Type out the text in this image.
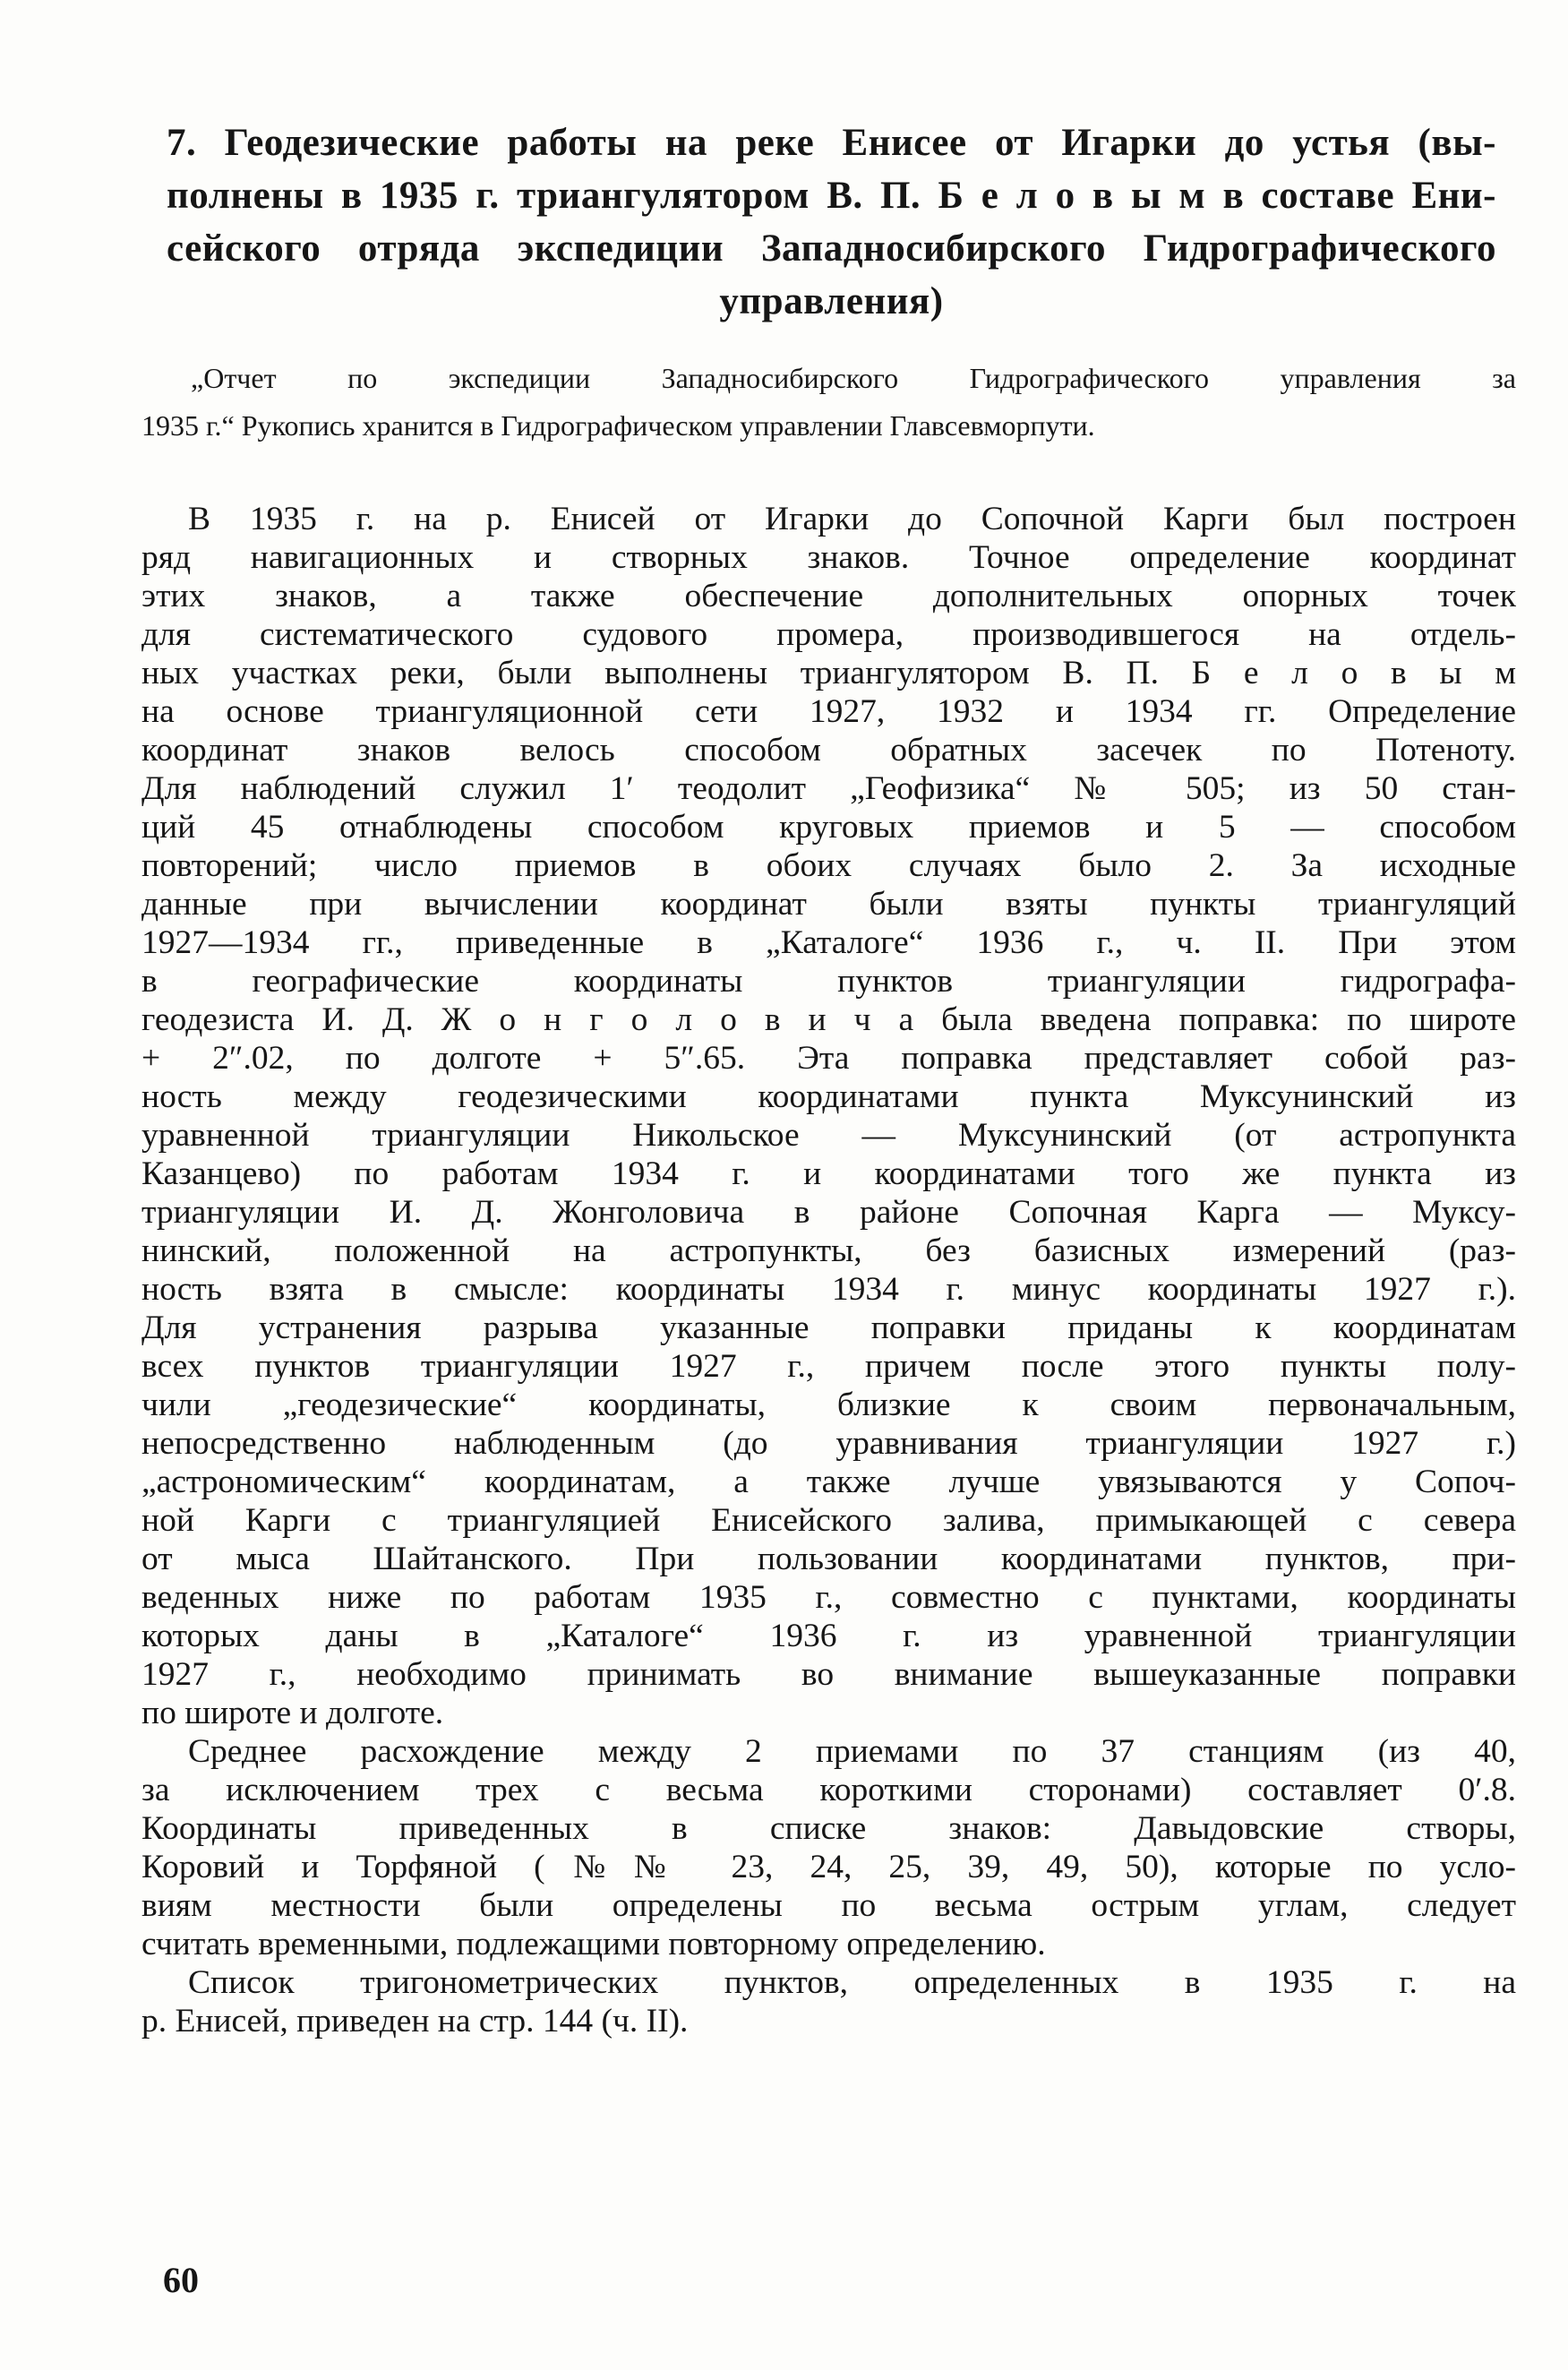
7. Геодезические работы на реке Енисее от Игарки до устья (вы-
полнены в 1935 г. триангулятором В. П. Б е л о в ы м в составе Ени-
сейского отряда экспедиции Западносибирского Гидрографического
управления)
„Отчет по экспедиции Западносибирского Гидрографического управления за
1935 г.“ Рукопись хранится в Гидрографическом управлении Главсевморпути.
В 1935 г. на р. Енисей от Игарки до Сопочной Карги был построен
ряд навигационных и створных знаков. Точное определение координат
этих знаков, а также обеспечение дополнительных опорных точек
для систематического судового промера, производившегося на отдель-
ных участках реки, были выполнены триангулятором В. П. Б е л о в ы м
на основе триангуляционной сети 1927, 1932 и 1934 гг. Определение
координат знаков велось способом обратных засечек по Потеноту.
Для наблюдений служил 1′ теодолит „Геофизика“ № 505; из 50 стан-
ций 45 отнаблюдены способом круговых приемов и 5 — способом
повторений; число приемов в обоих случаях было 2. За исходные
данные при вычислении координат были взяты пункты триангуляций
1927—1934 гг., приведенные в „Каталоге“ 1936 г., ч. II. При этом
в географические координаты пунктов триангуляции гидрографа-
геодезиста И. Д. Ж о н г о л о в и ч а была введена поправка: по широте
+ 2″.02, по долготе + 5″.65. Эта поправка представляет собой раз-
ность между геодезическими координатами пункта Муксунинский из
уравненной триангуляции Никольское — Муксунинский (от астропункта
Казанцево) по работам 1934 г. и координатами того же пункта из
триангуляции И. Д. Жонголовича в районе Сопочная Карга — Муксу-
нинский, положенной на астропункты, без базисных измерений (раз-
ность взята в смысле: координаты 1934 г. минус координаты 1927 г.).
Для устранения разрыва указанные поправки приданы к координатам
всех пунктов триангуляции 1927 г., причем после этого пункты полу-
чили „геодезические“ координаты, близкие к своим первоначальным,
непосредственно наблюденным (до уравнивания триангуляции 1927 г.)
„астрономическим“ координатам, а также лучше увязываются у Сопоч-
ной Карги с триангуляцией Енисейского залива, примыкающей с севера
от мыса Шайтанского. При пользовании координатами пунктов, при-
веденных ниже по работам 1935 г., совместно с пунктами, координаты
которых даны в „Каталоге“ 1936 г. из уравненной триангуляции
1927 г., необходимо принимать во внимание вышеуказанные поправки
по широте и долготе.
Среднее расхождение между 2 приемами по 37 станциям (из 40,
за исключением трех с весьма короткими сторонами) составляет 0′.8.
Координаты приведенных в списке знаков: Давыдовские створы,
Коровий и Торфяной (№№ 23, 24, 25, 39, 49, 50), которые по усло-
виям местности были определены по весьма острым углам, следует
считать временными, подлежащими повторному определению.
Список тригонометрических пунктов, определенных в 1935 г. на
р. Енисей, приведен на стр. 144 (ч. II).
60
